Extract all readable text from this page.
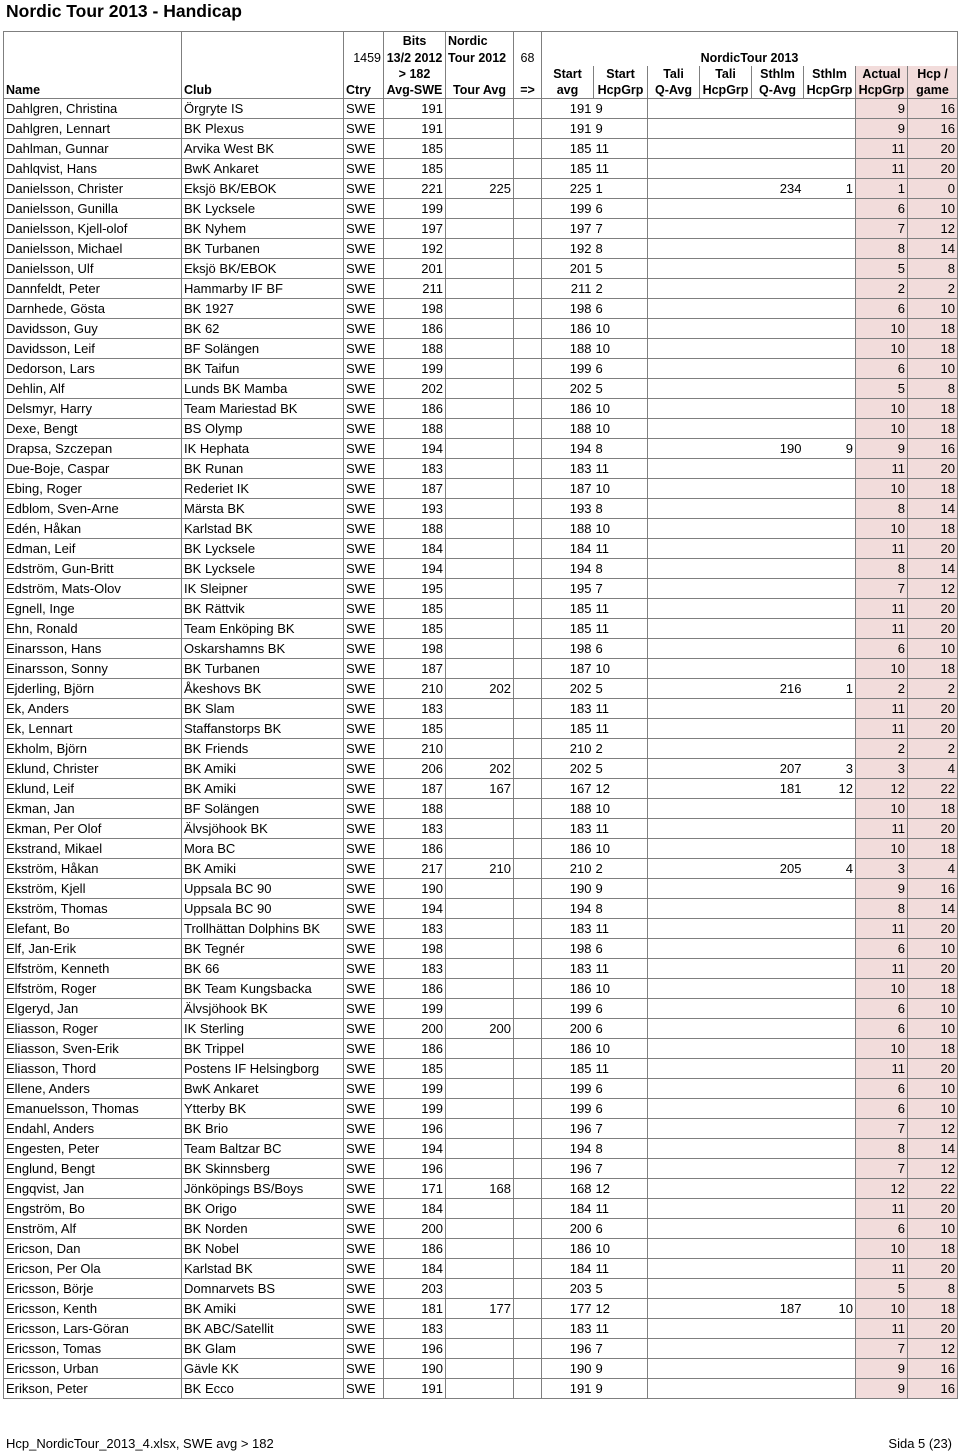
Nordic Tour 2013 - Handicap
			Bits	Nordic									
		1459	13/2 2012	Tour 2012	68	NordicTour 2013							
			> 182			Start	Start	Tali	Tali	Sthlm	Sthlm	Actual	Hcp /
Name	Club	Ctry	Avg-SWE	Tour Avg	=>	avg	HcpGrp	Q-Avg	HcpGrp	Q-Avg	HcpGrp	HcpGrp	game
Dahlgren, Christina	Örgryte IS	SWE	191			191	9					9	16
Dahlgren, Lennart	BK Plexus	SWE	191			191	9					9	16
Dahlman, Gunnar	Arvika West BK	SWE	185			185	11					11	20
Dahlqvist, Hans	BwK Ankaret	SWE	185			185	11					11	20
Danielsson, Christer	Eksjö BK/EBOK	SWE	221	225		225	1			234	1	1	0
Danielsson, Gunilla	BK Lycksele	SWE	199			199	6					6	10
Danielsson, Kjell-olof	BK Nyhem	SWE	197			197	7					7	12
Danielsson, Michael	BK Turbanen	SWE	192			192	8					8	14
Danielsson, Ulf	Eksjö BK/EBOK	SWE	201			201	5					5	8
Dannfeldt, Peter	Hammarby IF BF	SWE	211			211	2					2	2
Darnhede, Gösta	BK 1927	SWE	198			198	6					6	10
Davidsson, Guy	BK 62	SWE	186			186	10					10	18
Davidsson, Leif	BF Solängen	SWE	188			188	10					10	18
Dedorson, Lars	BK Taifun	SWE	199			199	6					6	10
Dehlin, Alf	Lunds BK Mamba	SWE	202			202	5					5	8
Delsmyr, Harry	Team Mariestad BK	SWE	186			186	10					10	18
Dexe, Bengt	BS Olymp	SWE	188			188	10					10	18
Drapsa, Szczepan	IK Hephata	SWE	194			194	8			190	9	9	16
Due-Boje, Caspar	BK Runan	SWE	183			183	11					11	20
Ebing, Roger	Rederiet IK	SWE	187			187	10					10	18
Edblom, Sven-Arne	Märsta BK	SWE	193			193	8					8	14
Edén, Håkan	Karlstad BK	SWE	188			188	10					10	18
Edman, Leif	BK Lycksele	SWE	184			184	11					11	20
Edström, Gun-Britt	BK Lycksele	SWE	194			194	8					8	14
Edström, Mats-Olov	IK Sleipner	SWE	195			195	7					7	12
Egnell, Inge	BK Rättvik	SWE	185			185	11					11	20
Ehn, Ronald	Team Enköping BK	SWE	185			185	11					11	20
Einarsson, Hans	Oskarshamns BK	SWE	198			198	6					6	10
Einarsson, Sonny	BK Turbanen	SWE	187			187	10					10	18
Ejderling, Björn	Åkeshovs BK	SWE	210	202		202	5			216	1	2	2
Ek, Anders	BK Slam	SWE	183			183	11					11	20
Ek, Lennart	Staffanstorps BK	SWE	185			185	11					11	20
Ekholm, Björn	BK Friends	SWE	210			210	2					2	2
Eklund, Christer	BK Amiki	SWE	206	202		202	5			207	3	3	4
Eklund, Leif	BK Amiki	SWE	187	167		167	12			181	12	12	22
Ekman, Jan	BF Solängen	SWE	188			188	10					10	18
Ekman, Per Olof	Älvsjöhook BK	SWE	183			183	11					11	20
Ekstrand, Mikael	Mora BC	SWE	186			186	10					10	18
Ekström, Håkan	BK Amiki	SWE	217	210		210	2			205	4	3	4
Ekström, Kjell	Uppsala BC 90	SWE	190			190	9					9	16
Ekström, Thomas	Uppsala BC 90	SWE	194			194	8					8	14
Elefant, Bo	Trollhättan Dolphins BK	SWE	183			183	11					11	20
Elf, Jan-Erik	BK Tegnér	SWE	198			198	6					6	10
Elfström, Kenneth	BK 66	SWE	183			183	11					11	20
Elfström, Roger	BK Team Kungsbacka	SWE	186			186	10					10	18
Elgeryd, Jan	Älvsjöhook BK	SWE	199			199	6					6	10
Eliasson, Roger	IK Sterling	SWE	200	200		200	6					6	10
Eliasson, Sven-Erik	BK Trippel	SWE	186			186	10					10	18
Eliasson, Thord	Postens IF Helsingborg	SWE	185			185	11					11	20
Ellene, Anders	BwK Ankaret	SWE	199			199	6					6	10
Emanuelsson, Thomas	Ytterby BK	SWE	199			199	6					6	10
Endahl, Anders	BK Brio	SWE	196			196	7					7	12
Engesten, Peter	Team Baltzar BC	SWE	194			194	8					8	14
Englund, Bengt	BK Skinnsberg	SWE	196			196	7					7	12
Engqvist, Jan	Jönköpings BS/Boys	SWE	171	168		168	12					12	22
Engström, Bo	BK Origo	SWE	184			184	11					11	20
Enström, Alf	BK Norden	SWE	200			200	6					6	10
Ericson, Dan	BK Nobel	SWE	186			186	10					10	18
Ericson, Per Ola	Karlstad BK	SWE	184			184	11					11	20
Ericsson, Börje	Domnarvets BS	SWE	203			203	5					5	8
Ericsson, Kenth	BK Amiki	SWE	181	177		177	12			187	10	10	18
Ericsson, Lars-Göran	BK ABC/Satellit	SWE	183			183	11					11	20
Ericsson, Tomas	BK Glam	SWE	196			196	7					7	12
Ericsson, Urban	Gävle KK	SWE	190			190	9					9	16
Erikson, Peter	BK Ecco	SWE	191			191	9					9	16
Hcp_NordicTour_2013_4.xlsx, SWE avg > 182	Sida 5 (23)
